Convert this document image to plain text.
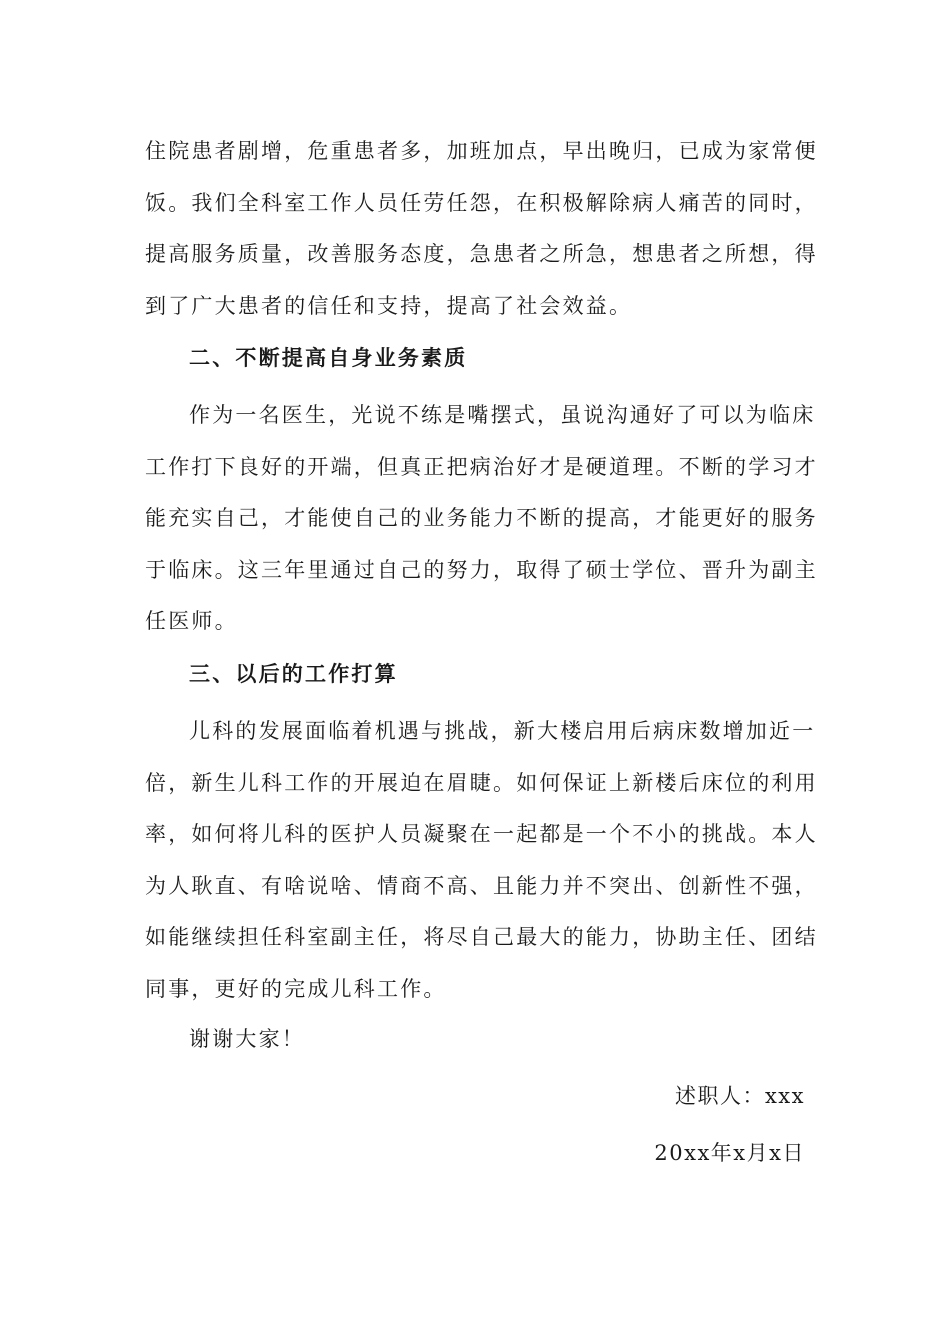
住院患者剧增，危重患者多，加班加点，早出晚归，已成为家常便
饭。我们全科室工作人员任劳任怨，在积极解除病人痛苦的同时，
提高服务质量，改善服务态度，急患者之所急，想患者之所想，得
到了广大患者的信任和支持，提高了社会效益。
二、不断提高自身业务素质
作为一名医生，光说不练是嘴摆式，虽说沟通好了可以为临床
工作打下良好的开端，但真正把病治好才是硬道理。不断的学习才
能充实自己，才能使自己的业务能力不断的提高，才能更好的服务
于临床。这三年里通过自己的努力，取得了硕士学位、晋升为副主
任医师。
三、以后的工作打算
儿科的发展面临着机遇与挑战，新大楼启用后病床数增加近一
倍，新生儿科工作的开展迫在眉睫。如何保证上新楼后床位的利用
率，如何将儿科的医护人员凝聚在一起都是一个不小的挑战。本人
为人耿直、有啥说啥、情商不高、且能力并不突出、创新性不强，
如能继续担任科室副主任，将尽自己最大的能力，协助主任、团结
同事，更好的完成儿科工作。
谢谢大家！
述职人：xxx
20xx年x月x日
